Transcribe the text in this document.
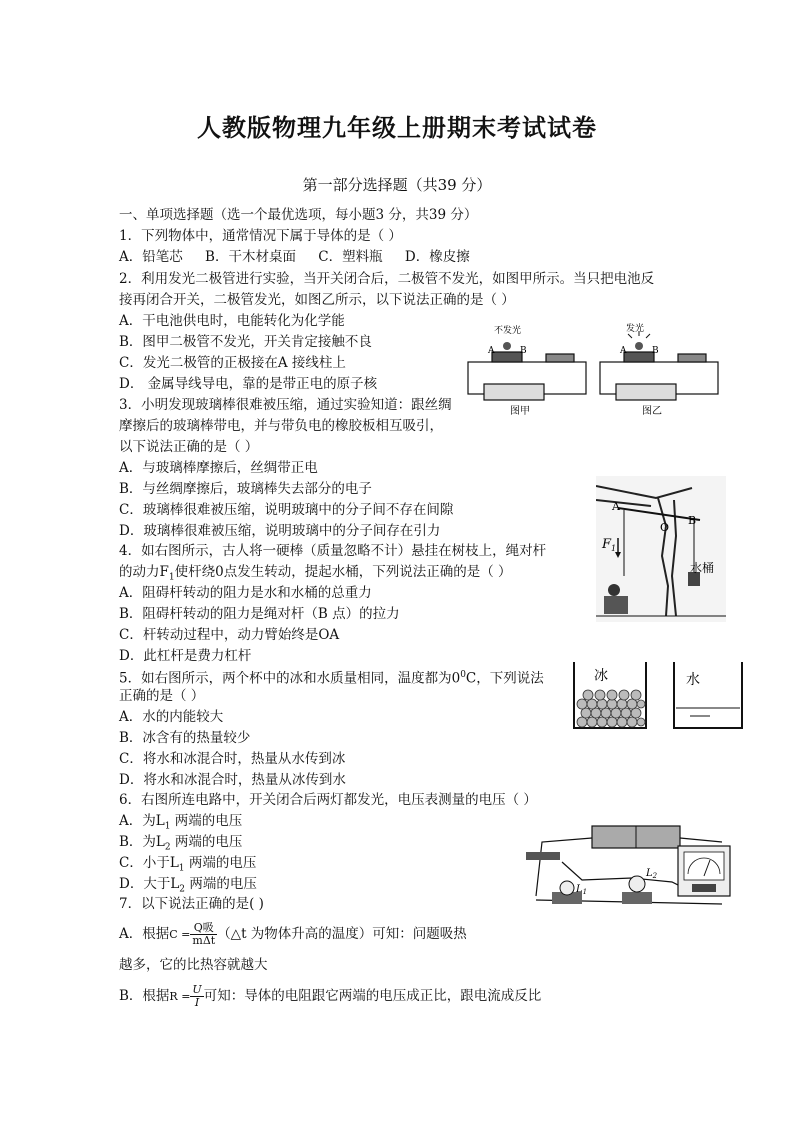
人教版物理九年级上册期末考试试卷
第一部分选择题（共39 分）
一、单项选择题（选一个最优选项，每小题3 分，共39 分）
1．下列物体中，通常情况下属于导体的是（ ）
A．铅笔芯 B．干木材桌面 C．塑料瓶 D．橡皮擦
2．利用发光二极管进行实验，当开关闭合后，二极管不发光，如图甲所示。当只把电池反
接再闭合开关，二极管发光，如图乙所示，以下说法正确的是（ ）
A．干电池供电时，电能转化为化学能
B．图甲二极管不发光，开关肯定接触不良
C．发光二极管的正极接在A 接线柱上
D． 金属导线导电，靠的是带正电的原子核
不发光	发光
A	B	A	B
图甲	图乙
3．小明发现玻璃棒很难被压缩，通过实验知道：跟丝绸
摩擦后的玻璃棒带电，并与带负电的橡胶板相互吸引，
以下说法正确的是（ ）
A．与玻璃棒摩擦后，丝绸带正电
B．与丝绸摩擦后，玻璃棒失去部分的电子
C．玻璃棒很难被压缩，说明玻璃中的分子间不存在间隙
D．玻璃棒很难被压缩，说明玻璃中的分子间存在引力
4．如右图所示，古人将一硬棒（质量忽略不计）悬挂在树枝上，绳对杆
的动力$F_1$使杆绕0点发生转动，提起水桶，下列说法正确的是（ ）
A．阻碍杆转动的阻力是水和水桶的总重力
B．阻碍杆转动的阻力是绳对杆（B 点）的拉力
C．杆转动过程中，动力臂始终是OA
D．此杠杆是费力杠杆
A
O
B
$F_1$
水桶
5．如右图所示，两个杯中的冰和水质量相同，温度都为$0^0C$，下列说法
正确的是（ ）
A．水的内能较大
B．冰含有的热量较少
C．将水和冰混合时，热量从水传到冰
D．将水和冰混合时，热量从冰传到水
冰	水
6．右图所连电路中，开关闭合后两灯都发光，电压表测量的电压（ ）
A．为$L_1$ 两端的电压
B．为$L_2$ 两端的电压
C．小于$L_1$ 两端的电压
D．大于$L_2$ 两端的电压	$L_1$
$L_2$
7．以下说法正确的是( )
A．根据$C = \frac{\text{Q吸}}{\text{mΔt}}$ （△t 为物体升高的温度）可知：问题吸热
越多，它的比热容就越大
B．根据$R = \frac{U}{I}$ 可知：导体的电阻跟它两端的电压成正比，跟电流成反比
